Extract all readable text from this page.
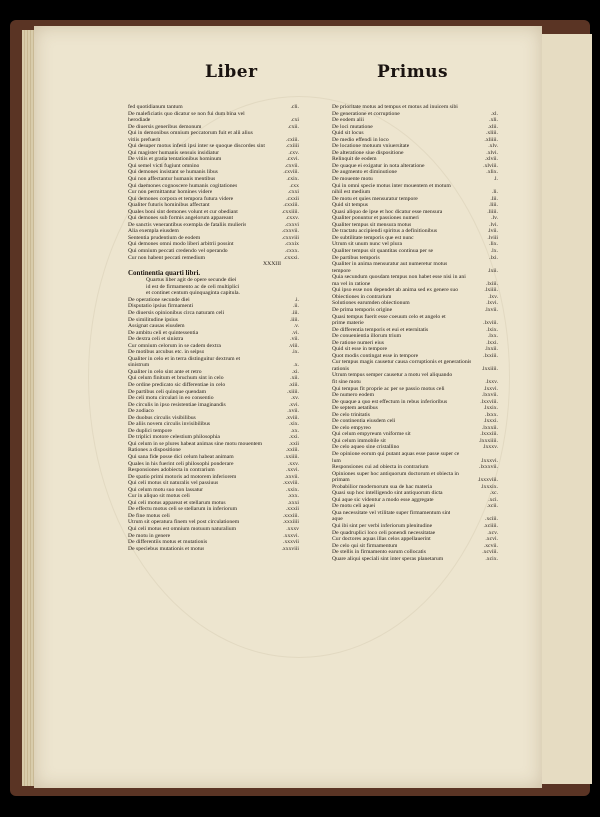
Liber	Primus
fed quotidianum tantum	.cli.
De maleficiatis quo dicatur se non fui dum bina vel
herodiade	.cxi
De diuersis generibus demonum	.cxii.
Qui in demonibus omnium peccatorum fuit et alii alius
vitiis prefuerit	.cxiii.
Qui desuper motus infesti ipsi inter se quoque discordes sint	.cxiiii
Qui magister humanis sensuis insidiatur	.cxv.
De vitiis et gratia tentationibus hominum	.cxvi.
Qui semel victi fugiunt omnino	.cxvii.
Qui demones insistant se humanis libus	.cxviii.
Qui non affectantur humanis mentibus	.cxix.
Qui daemones cognoscere humanis cogitationes	.cxx
Cur non permittantur homines videre	.cxxi
Qui demones corpora et tempora futura videre	.cxxii
Qualiter futuris hominibus affectant	.cxxiii.
Quales boni sint demones volunt et cur obediant	.cxxiiii.
Qui demones sub formis angelorum appareant	.cxxv.
De sanctis venerantibus exempla de fataliis mulieris	.cxxvi
Alia exempla eiusdem	.cxxvii.
Sententia prudentium de eodem	.cxxviii
Qui demones omni modo liberi arbitrii possint	.cxxix
Qui omnium peccati credendo vel operando	.cxxx.
Cur non habent peccati remedium	.cxxxi.
XXXIII
Continentia quarti libri.
Quartus liber agit de opere secunde diei
id est de firmamento ac de celi multiplici
et continet centum quinquaginta capitula.
De operatione secunde diei	.i.
Disputatio ipsius firmamenti	.ii.
De diuersis opinionibus circa naturam celi	.iii.
De similitudine ipsius	.iiii.
Assignat causas eiusdem	.v.
De ambitu celi et quintessentia	.vi.
De dextra celi et sinistra	.vii.
Cur omnium celorum in se cadem dextra	.viii.
De motibus arcubus etc. in seipso	.ix.
Qualiter in celo et in terra distinguitur dextrum et
sinistrum	.x.
Qualiter in celo sint ante et retro	.xi.
Qui celum finitum et bruchum sint in celo	.xii.
De ordine predicato sic differentiae in celo	.xiii.
De partibus celi quinque quendam	.xiiii.
De celi motu circulari in eo consentio	.xv.
De circulis in ipso resistentiae imaginandis	.xvi.
De zodiaco	.xvii.
De duobus circulis visibilibus	.xviii.
De aliis novem circulis invisibilibus	.xix.
De duplici tempore	.xx.
De triplici motore celestium philosophia	.xxi.
Qui celum in se plures habeat animas sine motu mouentem	.xxii
Rationes a dispositione	.xxiii.
Qui sana fide posse dici celum habeat animam	.xxiiii.
Quales in his fuerint celi philosophi ponderare	.xxv.
Responsiones adobiecta in contrarium	.xxvi.
De spatio primi motoris ad motorem inferiorem	.xxvii.
Qui celi motus sit naturalis vel passiuus	.xxviii.
Qui celum motu suo non lassatur	.xxix.
Cur in aliquo sit motus celi	.xxx.
Qui celi motus appareat et stellarum motus	.xxxi
De effectu motus celi se stellarum in inferiorum	.xxxii
De fine motus celi	.xxxiii.
Utrum sit operatura finem vel post circulationem	.xxxiiii
Qui celi motus est omnium motuum naturalium	.xxxv
De motu in genere	.xxxvi.
De differentiis motus et mutationis	.xxxvii
De speciebus mutationis et motus	.xxxviii
De prioritate motus ad tempus et motus ad inuicem sibi
De generatione et corruptione	.xl.
De eodem alii	.xli.
De loci mutatione	.xlii.
Quid sit locus	.xliii.
De medio effendi in loco	.xliiii.
De locatione motuum vniuersitate	.xlv.
De alteratione siue dispositione	.xlvi.
Relinquit de eodem	.xlvii.
De quaque ei exigatur in nota alteratione	.xlviii.
De augmento et diminutione	.xlix.
De mouente motu	.l.
Qui in omni specie motus inter mouentem et motum
nihil est medium	.li.
De motu et quies mensuratur tempore	.lii.
Quid sit tempus	.liii.
Quasi aliquo de ipse et hoc dicatur esse mensura	.liiii.
Qualiter ponuntur et passiones numeri	.lv.
Qualiter tempus sit mensura motus	.lvi.
De tractatu accipiendi spiritus a definitionibus	.lvii.
De subtilitate temporis que est nunc	.lviii
Utrum sit unum nunc vel plura	.lix.
Qualiter tempus sit quantitas continua per se	.lx.
De partibus temporis	.lxi.
Qualiter in anima mensuratur aut numeretur motus
tempore	.lxii.
Quia secundum quosdam tempus non habet esse nisi in ani
ma vel in ratione	.lxiii.
Qui ipso esse non dependet ab anima sed ex genere suo	.lxiiii.
Obiectiones in contrarium	.lxv.
Solutiones earumden obiectionum	.lxvi.
De prima temporis origine	.lxvii.
Quasi tempus fuerit esse coeuum celo et angelo et
prime materie	.lxviii.
De differentia temporis et eui et eternitatis	.lxix.
De conuenientia illorum trium	.lxx.
De ratione numeri eius	.lxxi.
Quid sit esse in tempore	.lxxii.
Quot modis contingat esse in tempore	.lxxiii.
Cur tempus magis causetur causa corruptionis et generationis
rationis	.lxxiiii.
Utrum tempus semper causetur a motu vel aliquando
fit sine motu	.lxxv.
Qui tempus fit proprie ac per se passio motus celi	.lxxvi.
De numero eodem	.lxxvii.
De quaque a quo est effectum in rebus inferioribus	.lxxviii.
De septem aetatibus	.lxxix.
De celo trinitatis	.lxxx.
De continentia eiusdem celi	.lxxxi.
De celo empyreo	.lxxxii.
Qui celum empyreum vniforme sit	.lxxxiii.
Qui celum immobile sit	.lxxxiiii.
De celo aqueo sine cristallino	.lxxxv.
De opinione eorum qui putant aquas esse passe super ce
lum	.lxxxvi.
Responsiones cui ad obiecta in contrarium	.lxxxvii.
Opiniones super hoc antiquorum doctorum et obiecta in
primam	.lxxxviii.
Probabilior modernorum sua de hac materia	.lxxxix.
Quasi sup hoc intelligendo sint antiquorum dicta	.xc.
Qui aque sic videntur a modo esse aggregate	.xci.
De motu celi aquei	.xcii.
Qua necessitate vel vtilitate super firmamentum sint
aque	.xciii.
Qui ibi sint per verbi inferiorum plenitudine	.xciiii.
De quadruplici loco celi ponendi necessitatae	.xcv.
Cur doctores aquas illas celos appellauerint	.xcvi.
De celo qui sit firmamentum	.xcvii.
De stellis in firmamento earum collocatis	.xcviii.
Quare aliqui speciali sint inter speras planetarum	.xcix.
